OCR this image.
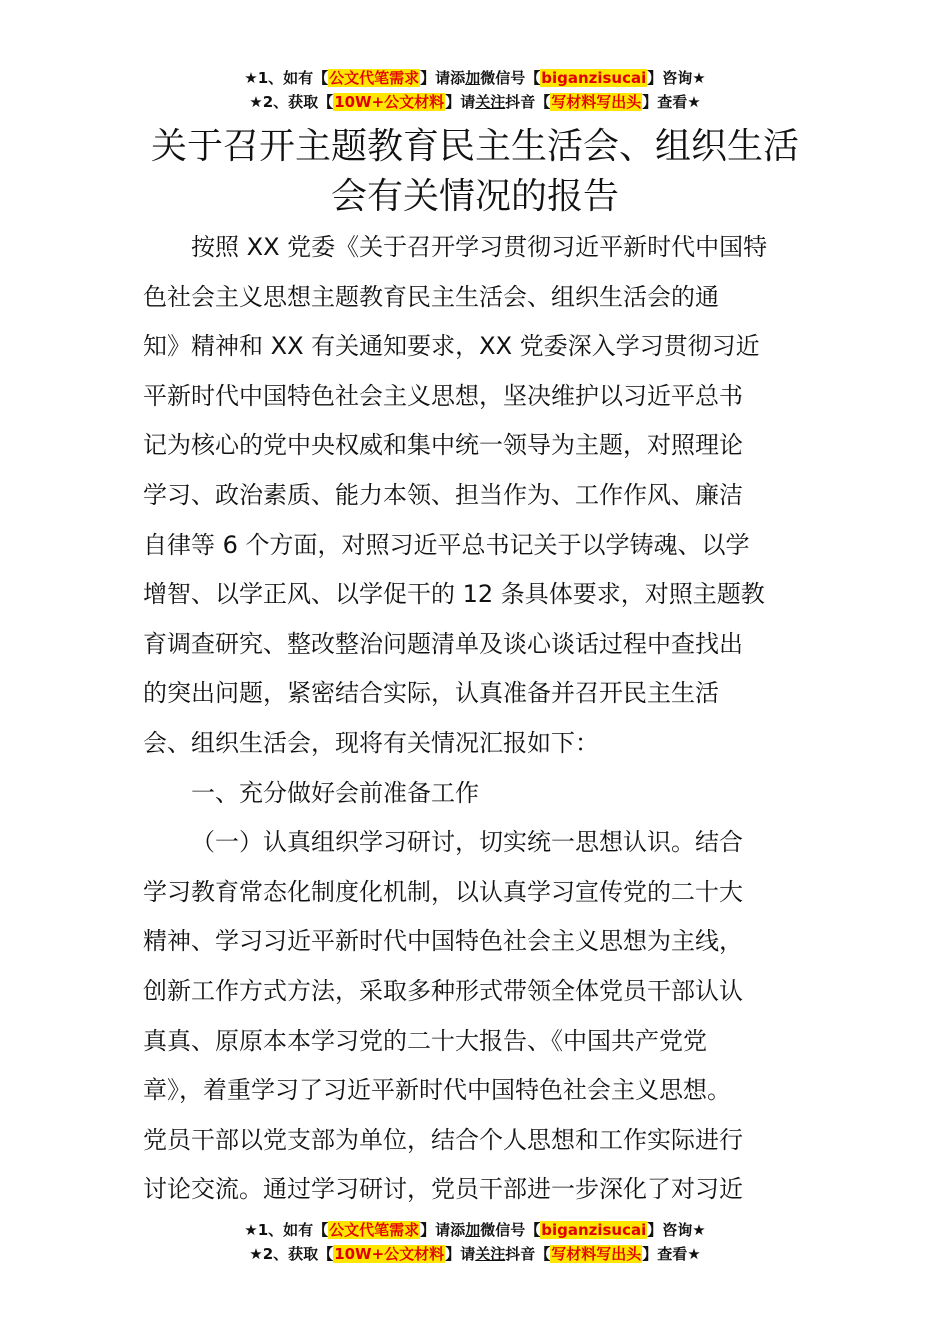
★1、如有【公文代笔需求】请添加微信号【biganzisucai】咨询★
★2、获取【10W+公文材料】请关注抖音【写材料写出头】查看★
关于召开主题教育民主生活会、组织生活
会有关情况的报告
按照 XX 党委《关于召开学习贯彻习近平新时代中国特
色社会主义思想主题教育民主生活会、组织生活会的通
知》精神和 XX 有关通知要求，XX 党委深入学习贯彻习近
平新时代中国特色社会主义思想，坚决维护以习近平总书
记为核心的党中央权威和集中统一领导为主题，对照理论
学习、政治素质、能力本领、担当作为、工作作风、廉洁
自律等 6 个方面，对照习近平总书记关于以学铸魂、以学
增智、以学正风、以学促干的 12 条具体要求，对照主题教
育调查研究、整改整治问题清单及谈心谈话过程中查找出
的突出问题，紧密结合实际，认真准备并召开民主生活
会、组织生活会，现将有关情况汇报如下：
一、充分做好会前准备工作
（一）认真组织学习研讨，切实统一思想认识。结合
学习教育常态化制度化机制，以认真学习宣传党的二十大
精神、学习习近平新时代中国特色社会主义思想为主线，
创新工作方式方法，采取多种形式带领全体党员干部认认
真真、原原本本学习党的二十大报告、《中国共产党党
章》，着重学习了习近平新时代中国特色社会主义思想。
党员干部以党支部为单位，结合个人思想和工作实际进行
讨论交流。通过学习研讨，党员干部进一步深化了对习近
★1、如有【公文代笔需求】请添加微信号【biganzisucai】咨询★
★2、获取【10W+公文材料】请关注抖音【写材料写出头】查看★
